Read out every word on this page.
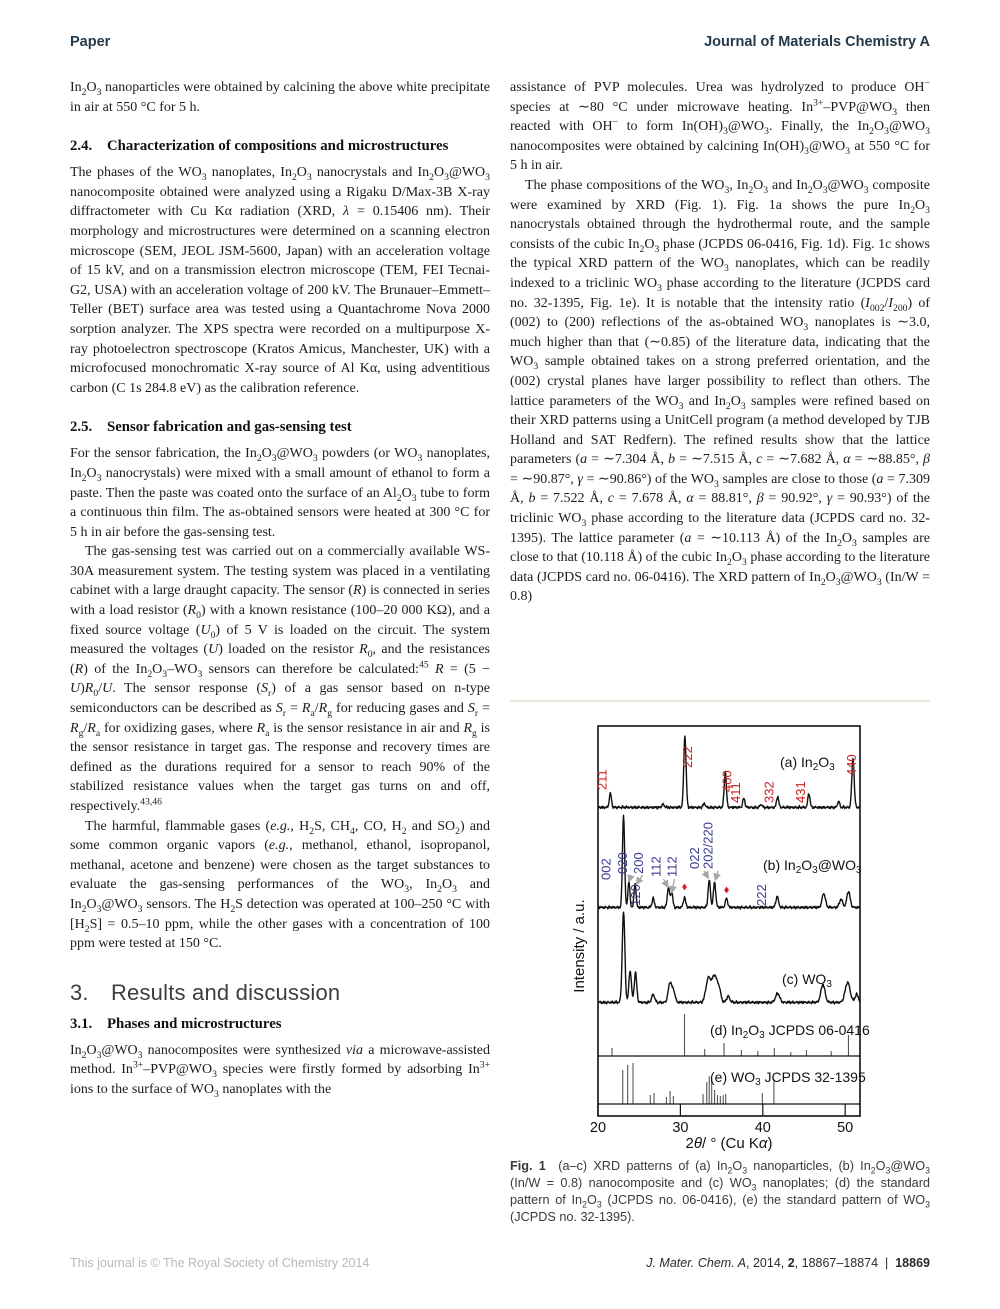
Paper	Journal of Materials Chemistry A

$In_2O_3$ nanoparticles were obtained by calcining the above white precipitate in air at 550 °C for 5 h.

2.4. Characterization of compositions and microstructures

The phases of the $WO_3$ nanoplates, $In_2O_3$ nanocrystals and $In_2O_3@WO_3$ nanocomposite obtained were analyzed using a Rigaku D/Max-3B X-ray diffractometer with Cu Kα radiation (XRD, λ = 0.15406 nm). Their morphology and microstructures were determined on a scanning electron microscope (SEM, JEOL JSM-5600, Japan) with an acceleration voltage of 15 kV, and on a transmission electron microscope (TEM, FEI Tecnai-G2, USA) with an acceleration voltage of 200 kV. The Brunauer–Emmett–Teller (BET) surface area was tested using a Quantachrome Nova 2000 sorption analyzer. The XPS spectra were recorded on a multipurpose X-ray photoelectron spectroscope (Kratos Amicus, Manchester, UK) with a microfocused monochromatic X-ray source of Al Kα, using adventitious carbon (C 1s 284.8 eV) as the calibration reference.

2.5. Sensor fabrication and gas-sensing test

For the sensor fabrication, the $In_2O_3@WO_3$ powders (or $WO_3$ nanoplates, $In_2O_3$ nanocrystals) were mixed with a small amount of ethanol to form a paste. Then the paste was coated onto the surface of an $Al_2O_3$ tube to form a continuous thin film. The as-obtained sensors were heated at 300 °C for 5 h in air before the gas-sensing test.

The gas-sensing test was carried out on a commercially available WS-30A measurement system. The testing system was placed in a ventilating cabinet with a large draught capacity. The sensor (R) is connected in series with a load resistor $(R_0)$ with a known resistance (100–20 000 KΩ), and a fixed source voltage $(U_0)$ of 5 V is loaded on the circuit. The system measured the voltages (U) loaded on the resistor $R_0$, and the resistances (R) of the $In_2O_3-WO_3$ sensors can therefore be calculated:$^{45}$ $R = (5 - U)R_0/U$. The sensor response $(S_r)$ of a gas sensor based on n-type semiconductors can be described as $S_r = R_a/R_g$ for reducing gases and $S_r = R_g/R_a$ for oxidizing gases, where $R_a$ is the sensor resistance in air and $R_g$ is the sensor resistance in target gas. The response and recovery times are defined as the durations required for a sensor to reach 90% of the stabilized resistance values when the target gas turns on and off, respectively.$^{43,46}$

The harmful, flammable gases (e.g., $H_2S$, $CH_4$, CO, $H_2$ and $SO_2$) and some common organic vapors (e.g., methanol, ethanol, isopropanol, methanal, acetone and benzene) were chosen as the target substances to evaluate the gas-sensing performances of the $WO_3$, $In_2O_3$ and $In_2O_3@WO_3$ sensors. The $H_2S$ detection was operated at 100–250 °C with $[H_2S] = 0.5-10$ ppm, while the other gases with a concentration of 100 ppm were tested at 150 °C.

3. Results and discussion
3.1. Phases and microstructures

$In_2O_3@WO_3$ nanocomposites were synthesized via a microwave-assisted method. $In^{3+}-PVP@WO_3$ species were firstly formed by adsorbing $In^{3+}$ ions to the surface of $WO_3$ nanoplates with the

assistance of PVP molecules. Urea was hydrolyzed to produce OH− species at ∼80 °C under microwave heating. $In^{3+}-PVP@WO_3$ then reacted with OH− to form $In(OH)_3@WO_3$. Finally, the $In_2O_3@WO_3$ nanocomposites were obtained by calcining $In(OH)_3@WO_3$ at 550 °C for 5 h in air.

The phase compositions of the $WO_3$, $In_2O_3$ and $In_2O_3@WO_3$ composite were examined by XRD (Fig. 1). Fig. 1a shows the pure $In_2O_3$ nanocrystals obtained through the hydrothermal route, and the sample consists of the cubic $In_2O_3$ phase (JCPDS 06-0416, Fig. 1d). Fig. 1c shows the typical XRD pattern of the $WO_3$ nanoplates, which can be readily indexed to a triclinic $WO_3$ phase according to the literature (JCPDS card no. 32-1395, Fig. 1e). It is notable that the intensity ratio $(I_{002}/I_{200})$ of (002) to (200) reflections of the as-obtained $WO_3$ nanoplates is ∼3.0, much higher than that (∼0.85) of the literature data, indicating that the $WO_3$ sample obtained takes on a strong preferred orientation, and the (002) crystal planes have larger possibility to reflect than others. The lattice parameters of the $WO_3$ and $In_2O_3$ samples were refined based on their XRD patterns using a UnitCell program (a method developed by TJB Holland and SAT Redfern). The refined results show that the lattice parameters (a = ∼7.304 Å, b = ∼7.515 Å, c = ∼7.682 Å, α = ∼88.85°, β = ∼90.87°, γ = ∼90.86°) of the $WO_3$ samples are close to those (a = 7.309 Å, b = 7.522 Å, c = 7.678 Å, α = 88.81°, β = 90.92°, γ = 90.93°) of the triclinic $WO_3$ phase according to the literature data (JCPDS card no. 32-1395). The lattice parameter (a = ∼10.113 Å) of the $In_2O_3$ samples are close to that (10.118 Å) of the cubic $In_2O_3$ phase according to the literature data (JCPDS card no. 06-0416). The XRD pattern of $In_2O_3@WO_3$ (In/W = 0.8)

211
222
400
411 332 431
440
(a) $In_2O_3$
002 020 200
120
112 112 022
202/220
222
(b) $In_2O_3@WO_3$
(c) $WO_3$
(d) $In_2O_3$ JCPDS 06-0416
(e) $WO_3$ JCPDS 32-1395
20	30	40	50
2θ/ ° (Cu Kα)
Intensity / a.u.
Fig. 1  (a–c) XRD patterns of (a) $In_2O_3$ nanoparticles, (b) $In_2O_3@WO_3$ (In/W = 0.8) nanocomposite and (c) $WO_3$ nanoplates; (d) the standard pattern of $In_2O_3$ (JCPDS no. 06-0416), (e) the standard pattern of $WO_3$ (JCPDS no. 32-1395).
This journal is © The Royal Society of Chemistry 2014	J. Mater. Chem. A, 2014, 2, 18867–18874  |  18869
